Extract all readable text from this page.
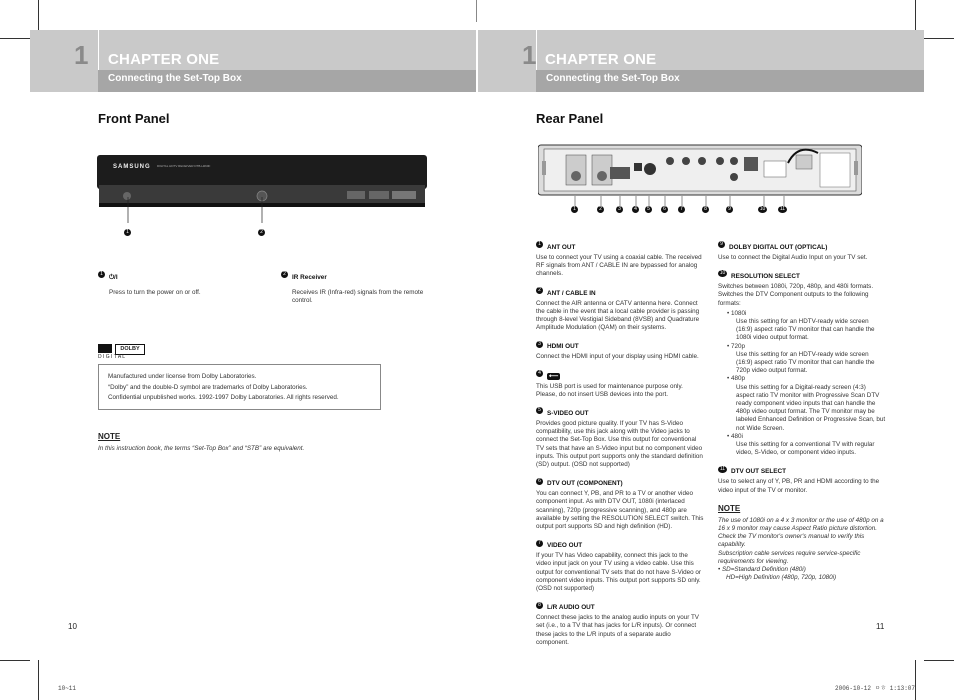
1 CHAPTER ONE
Connecting the Set-Top Box
1 CHAPTER ONE
Connecting the Set-Top Box
Front Panel
SAMSUNG DIGITAL HDTV RECEIVER DTB-H260F
1	2
1 ⏻/I
Press to turn the power on or off.
2 IR Receiver
Receives IR (Infra-red) signals from the remote control.
DOLBY
D I G I T A L
Manufactured under license from Dolby Laboratories.
“Dolby” and the double-D symbol are trademarks of Dolby Laboratories.
Confidential unpublished works. 1992-1997 Dolby Laboratories. All rights reserved.
NOTE
In this instruction book, the terms “Set-Top Box” and “STB” are equivalent.
10
Rear Panel
1	2	3	4	5	6	7	8	9	10	11
1 ANT OUT
Use to connect your TV using a coaxial cable. The received RF signals from ANT / CABLE IN are bypassed for analog channels.
2 ANT / CABLE IN
Connect the AIR antenna or CATV antenna here. Connect the cable in the event that a local cable provider is passing through 8-level Vestigial Sideband (8VSB) and Quadrature Amplitude Modulation (QAM) on their systems.
3 HDMI OUT
Connect the HDMI input of your display using HDMI cable.
4 ⟵
This USB port is used for maintenance purpose only. Please, do not insert USB devices into the port.
5 S-VIDEO OUT
Provides good picture quality. If your TV has S-Video compatibility, use this jack along with the Video jacks to connect the Set-Top Box. Use this output for conventional TV sets that have an S-Video input but no component video inputs. This output port supports only the standard definition (SD) output. (OSD not supported)
6 DTV OUT (COMPONENT)
You can connect Y, PB, and PR to a TV or another video component input. As with DTV OUT, 1080i (interlaced scanning), 720p (progressive scanning), and 480p are available by setting the RESOLUTION SELECT switch. This output port supports SD and high definition (HD).
7 VIDEO OUT
If your TV has Video capability, connect this jack to the video input jack on your TV using a video cable. Use this output for conventional TV sets that do not have S-Video or component video inputs. This output port supports SD only. (OSD not supported)
8 L/R AUDIO OUT
Connect these jacks to the analog audio inputs on your TV set (i.e., to a TV that has jacks for L/R inputs). Or connect these jacks to the L/R inputs of a separate audio component.
9 DOLBY DIGITAL OUT (OPTICAL)
Use to connect the Digital Audio Input on your TV set.
10 RESOLUTION SELECT
Switches between 1080i, 720p, 480p, and 480i formats. Switches the DTV Component outputs to the following formats:
• 1080i
Use this setting for an HDTV-ready wide screen (16:9) aspect ratio TV monitor that can handle the 1080i video output format.
• 720p
Use this setting for an HDTV-ready wide screen (16:9) aspect ratio TV monitor that can handle the 720p video output format.
• 480p
Use this setting for a Digital-ready screen (4:3) aspect ratio TV monitor with Progressive Scan DTV ready component video inputs that can handle the 480p video output format. The TV monitor may be labeled Enhanced Definition or Progressive Scan, but not Wide Screen.
• 480i
Use this setting for a conventional TV with regular video, S-Video, or component video inputs.
11 DTV OUT SELECT
Use to select any of Y, PB, PR and HDMI according to the video input of the TV or monitor.
NOTE
The use of 1080i on a 4 x 3 monitor or the use of 480p on a 16 x 9 monitor may cause Aspect Ratio picture distortion.
Check the TV monitor's owner's manual to verify this capability.
Subscription cable services require service-specific requirements for viewing.
• SD=Standard Definition (480i)
HD=High Definition (480p, 720p, 1080i)
11
10~11	2006-10-12 ㅇㅎ 1:13:07
